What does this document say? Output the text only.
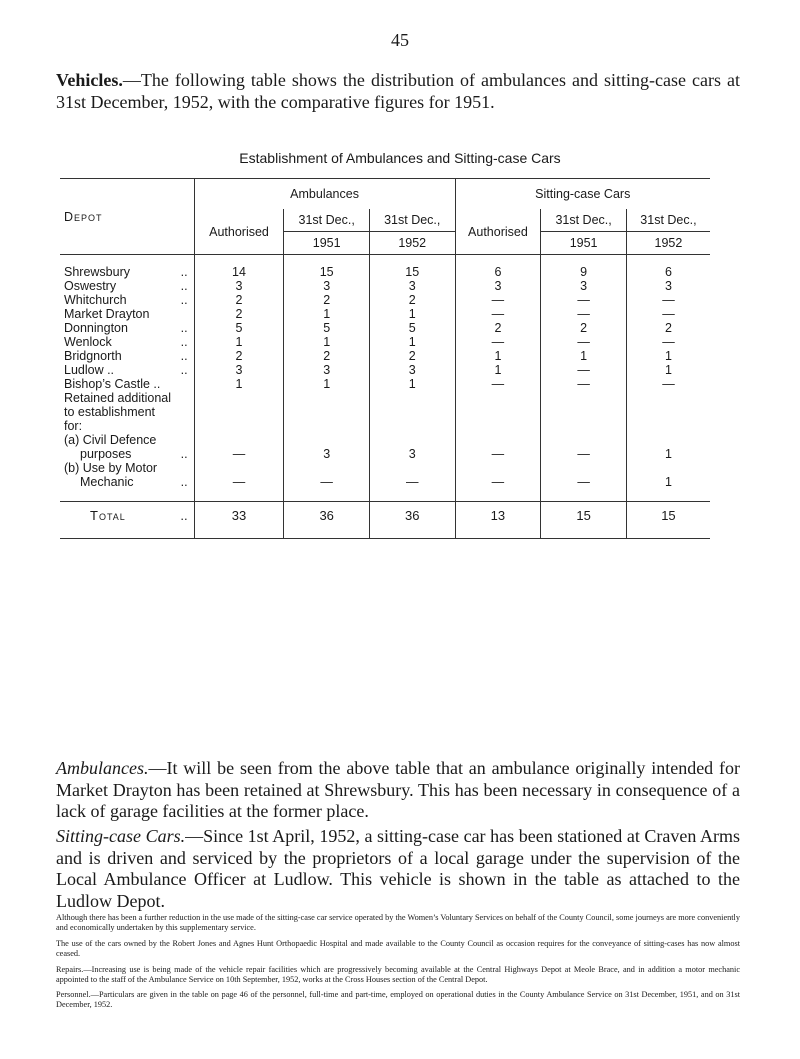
45

Vehicles.—The following table shows the distribution of ambulances and sitting-case cars at 31st December, 1952, with the comparative figures for 1951.

Establishment of Ambulances and Sitting-case Cars
Depot	Ambulances			Sitting-case Cars		
	Authorised	31st Dec.,	31st Dec.,	Authorised	31st Dec.,	31st Dec.,
		1951	1952		1951	1952

Shrewsbury ..	14	15	15	6	9	6

Oswestry ..	3	3	3	3	3	3

Whitchurch ..	2	2	2	—	—	—

Market Drayton	2	1	1	—	—	—

Donnington ..	5	5	5	2	2	2

Wenlock ..	1	1	1	—	—	—

Bridgnorth ..	2	2	2	1	1	1

Ludlow .. ..	3	3	3	1	—	1

Bishop’s Castle ..	1	1	1	—	—	—

Retained additional
to establishment
for:						

(a) Civil Defence
purposes ..	—	3	3	—	—	1

(b) Use by Motor
Mechanic ..	—	—	—	—	—	1

Total ..	33	36	36	13	15	15

Ambulances.—It will be seen from the above table that an ambulance originally intended for Market Drayton has been retained at Shrewsbury. This has been necessary in consequence of a lack of garage facilities at the former place.

Sitting-case Cars.—Since 1st April, 1952, a sitting-case car has been stationed at Craven Arms and is driven and serviced by the proprietors of a local garage under the supervision of the Local Ambulance Officer at Ludlow. This vehicle is shown in the table as attached to the Ludlow Depot.

Although there has been a further reduction in the use made of the sitting-case car service operated by the Women’s Voluntary Services on behalf of the County Council, some journeys are more conveniently and economically undertaken by this supplementary service.

The use of the cars owned by the Robert Jones and Agnes Hunt Orthopaedic Hospital and made available to the County Council as occasion requires for the conveyance of sitting-cases has now almost ceased.

Repairs.—Increasing use is being made of the vehicle repair facilities which are progressively becoming available at the Central Highways Depot at Meole Brace, and in addition a motor mechanic appointed to the staff of the Ambulance Service on 10th September, 1952, works at the Cross Houses section of the Central Depot.

Personnel.—Particulars are given in the table on page 46 of the personnel, full-time and part-time, employed on operational duties in the County Ambulance Service on 31st December, 1951, and on 31st December, 1952.
